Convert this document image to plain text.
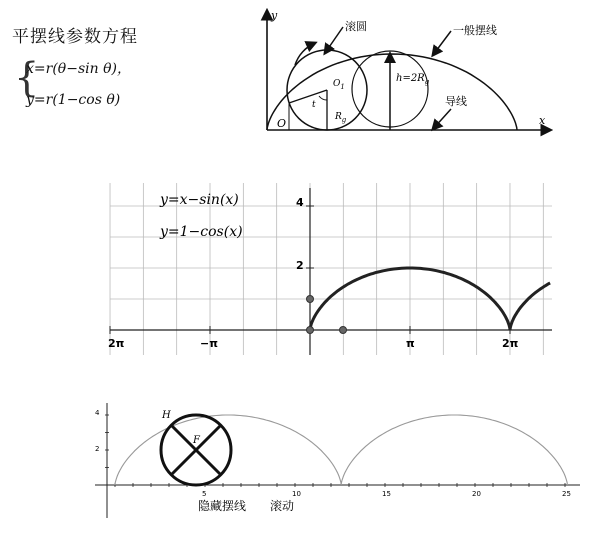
平摆线参数方程
{
x=r(θ−sin θ)，
y=r(1−cos θ)
x
y
O
t
$O_1$
$R_g$
$h=2R_g$
滚圆	一般摆线
导线
y=x−sin(x)
y=1−cos(x)
2π	−π	π	2π
4
2
H
F
4
2
5	10	15	20	25
隐藏摆线 滚动
